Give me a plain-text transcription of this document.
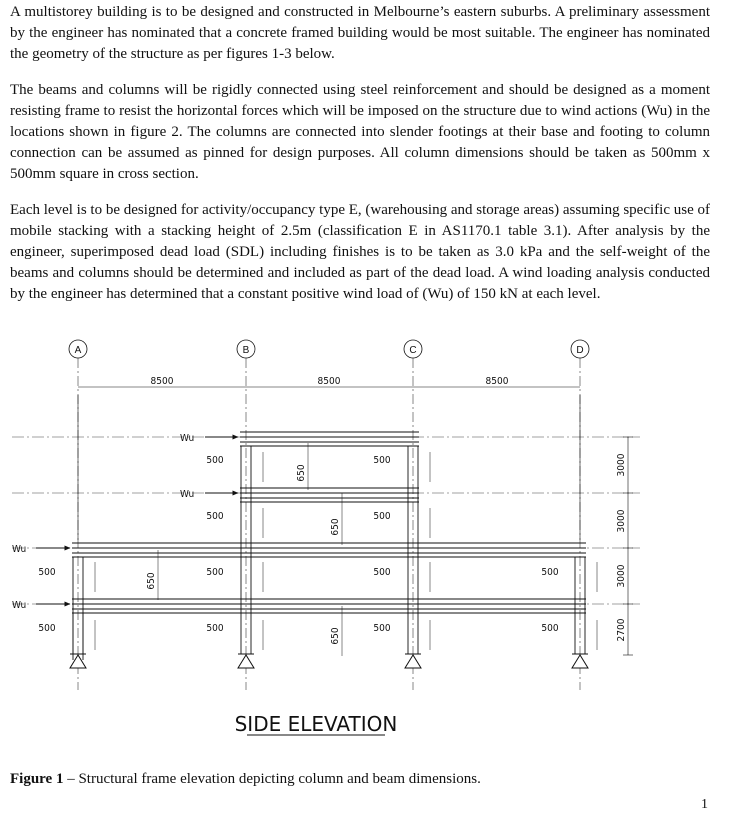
A multistorey building is to be designed and constructed in Melbourne’s eastern suburbs. A preliminary assessment by the engineer has nominated that a concrete framed building would be most suitable. The engineer has nominated the geometry of the structure as per figures 1-3 below.

The beams and columns will be rigidly connected using steel reinforcement and should be designed as a moment resisting frame to resist the horizontal forces which will be imposed on the structure due to wind actions (Wu) in the locations shown in figure 2. The columns are connected into slender footings at their base and footing to column connection can be assumed as pinned for design purposes. All column dimensions should be taken as 500mm x 500mm square in cross section.

Each level is to be designed for activity/occupancy type E, (warehousing and storage areas) assuming specific use of mobile stacking with a stacking height of 2.5m (classification E in AS1170.1 table 3.1). After analysis by the engineer, superimposed dead load (SDL) including finishes is to be taken as 3.0 kPa and the self-weight of the beams and columns should be determined and included as part of the dead load. A wind loading analysis conducted by the engineer has determined that a constant positive wind load of (Wu) of 150 kN at each level.

A	B	C	D
8500	8500	8500
Wu
Wu
Wu
Wu
500	500
500	500
500	500	500	500
500	500	500	500
650
650
650
650
3000
3000
3000
2700
SIDE ELEVATION

Figure 1 – Structural frame elevation depicting column and beam dimensions.

1
